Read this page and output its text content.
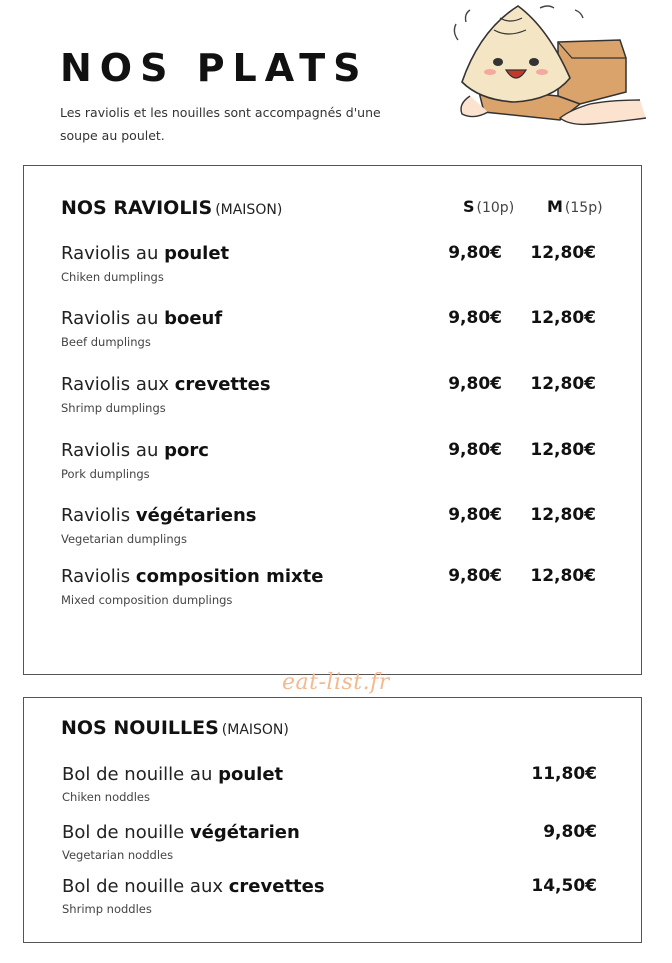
NOS PLATS
Les raviolis et les nouilles sont accompagnés d'une
soupe au poulet.
NOS RAVIOLIS (MAISON)	S (10p) M (15p)
Raviolis au poulet
Chiken dumplings
9,80€	12,80€
Raviolis au boeuf
Beef dumplings
9,80€	12,80€
Raviolis aux crevettes
Shrimp dumplings
9,80€	12,80€
Raviolis au porc
Pork dumplings
9,80€	12,80€
Raviolis végétariens
Vegetarian dumplings
9,80€	12,80€
Raviolis composition mixte
Mixed composition dumplings
9,80€	12,80€
eat-list.fr
NOS NOUILLES (MAISON)
Bol de nouille au poulet
Chiken noddles
11,80€
Bol de nouille végétarien
Vegetarian noddles
9,80€
Bol de nouille aux crevettes
Shrimp noddles
14,50€
